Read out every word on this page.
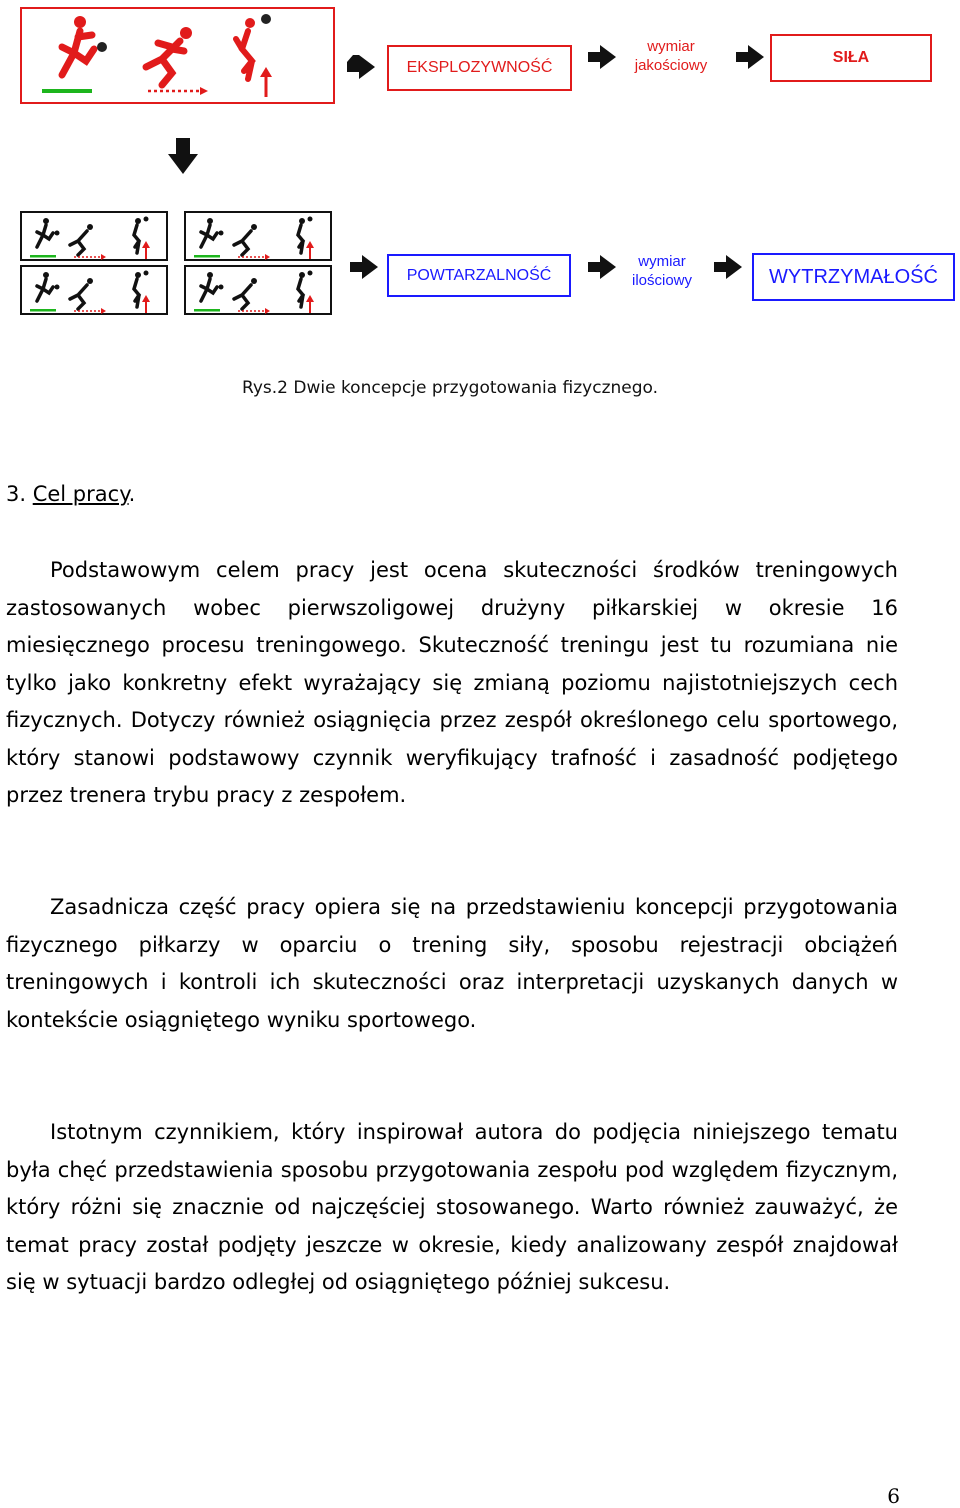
EKSPLOZYWNOŚĆ
wymiar
jakościowy	SIŁA
POWTARZALNOŚĆ
wymiar
ilościowy	WYTRZYMAŁOŚĆ
Rys.2 Dwie koncepcje przygotowania fizycznego.
3. Cel pracy.
Podstawowym celem pracy jest ocena skuteczności środków treningowych zastosowanych wobec pierwszoligowej drużyny piłkarskiej w okresie 16 miesięcznego procesu treningowego. Skuteczność treningu jest tu rozumiana nie tylko jako konkretny efekt wyrażający się zmianą poziomu najistotniejszych cech fizycznych. Dotyczy również osiągnięcia przez zespół określonego celu sportowego, który stanowi podstawowy czynnik weryfikujący trafność i zasadność podjętego przez trenera trybu pracy z zespołem.
Zasadnicza część pracy opiera się na przedstawieniu koncepcji przygotowania fizycznego piłkarzy w oparciu o trening siły, sposobu rejestracji obciążeń treningowych i kontroli ich skuteczności oraz interpretacji uzyskanych danych w kontekście osiągniętego wyniku sportowego.
Istotnym czynnikiem, który inspirował autora do podjęcia niniejszego tematu była chęć przedstawienia sposobu przygotowania zespołu pod względem fizycznym, który różni się znacznie od najczęściej stosowanego. Warto również zauważyć, że temat pracy został podjęty jeszcze w okresie, kiedy analizowany zespół znajdował się w sytuacji bardzo odległej od osiągniętego później sukcesu.
6
